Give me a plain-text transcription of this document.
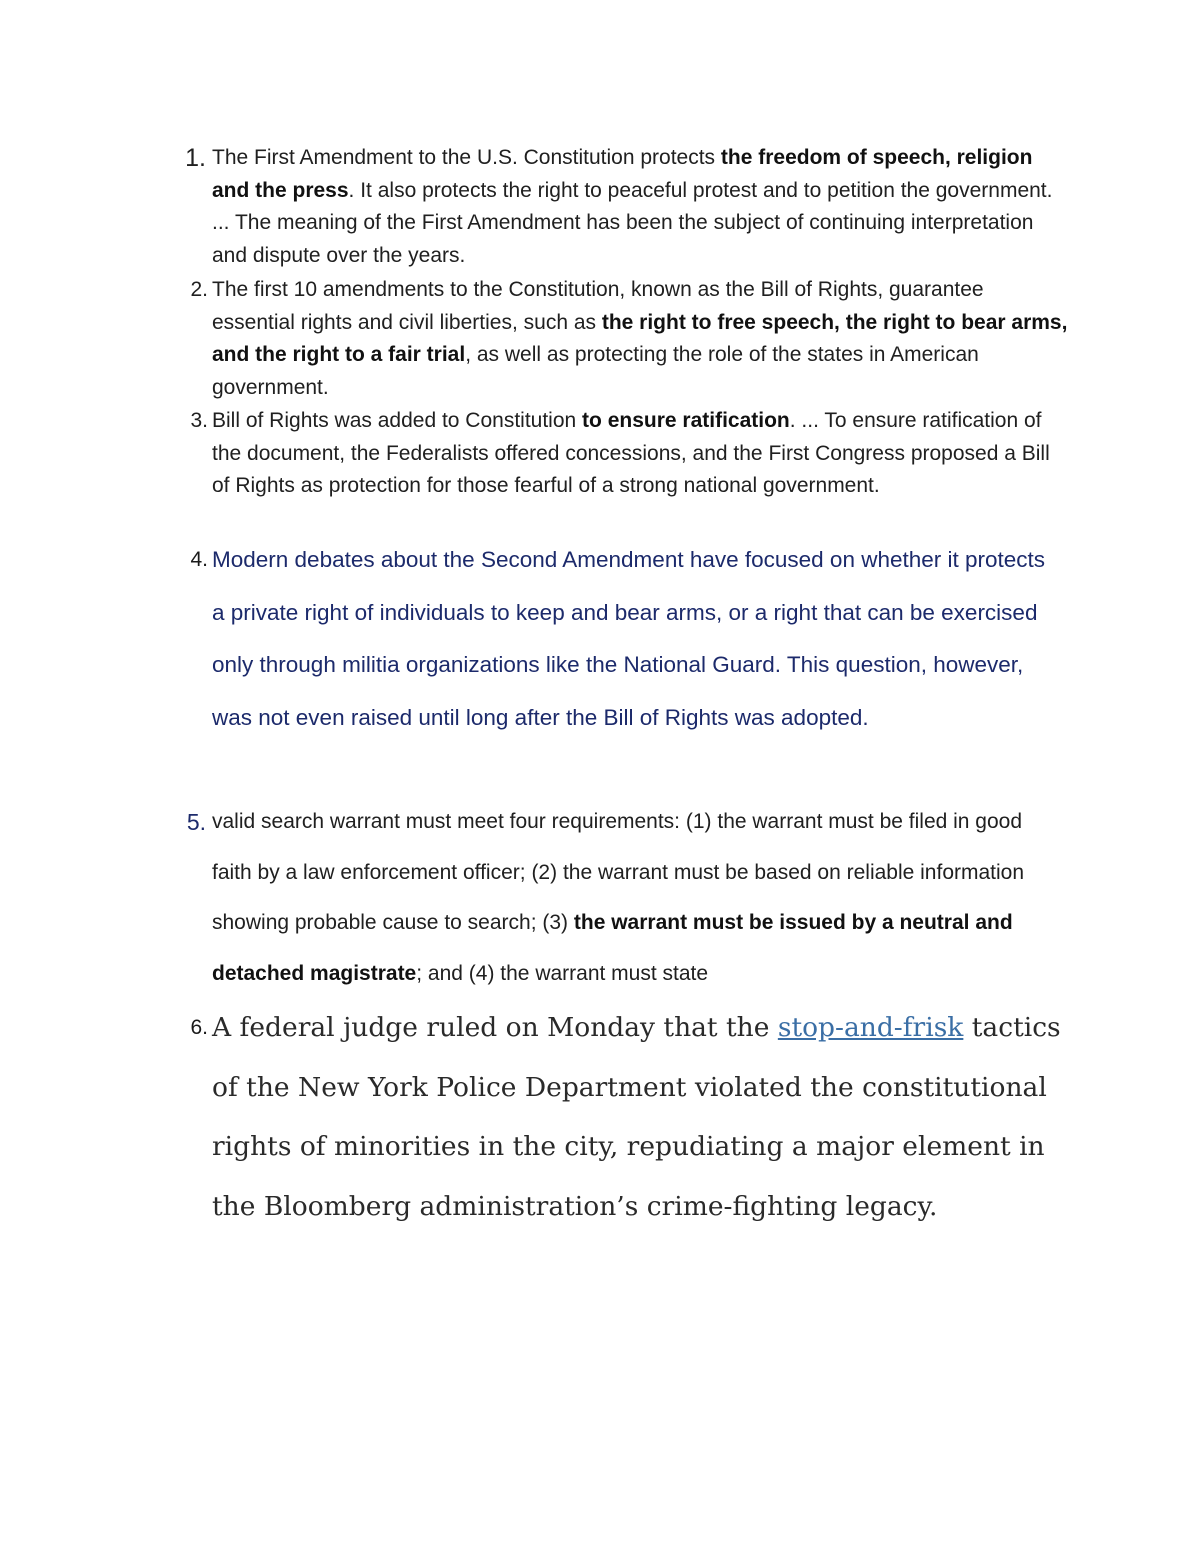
1. The First Amendment to the U.S. Constitution protects the freedom of speech, religion and the press. It also protects the right to peaceful protest and to petition the government. ... The meaning of the First Amendment has been the subject of continuing interpretation and dispute over the years.
2. The first 10 amendments to the Constitution, known as the Bill of Rights, guarantee essential rights and civil liberties, such as the right to free speech, the right to bear arms, and the right to a fair trial, as well as protecting the role of the states in American government.
3. Bill of Rights was added to Constitution to ensure ratification. ... To ensure ratification of the document, the Federalists offered concessions, and the First Congress proposed a Bill of Rights as protection for those fearful of a strong national government.
4. Modern debates about the Second Amendment have focused on whether it protects a private right of individuals to keep and bear arms, or a right that can be exercised only through militia organizations like the National Guard. This question, however, was not even raised until long after the Bill of Rights was adopted.
5. valid search warrant must meet four requirements: (1) the warrant must be filed in good faith by a law enforcement officer; (2) the warrant must be based on reliable information showing probable cause to search; (3) the warrant must be issued by a neutral and detached magistrate; and (4) the warrant must state
6. A federal judge ruled on Monday that the stop-and-frisk tactics of the New York Police Department violated the constitutional rights of minorities in the city, repudiating a major element in the Bloomberg administration’s crime-fighting legacy.
